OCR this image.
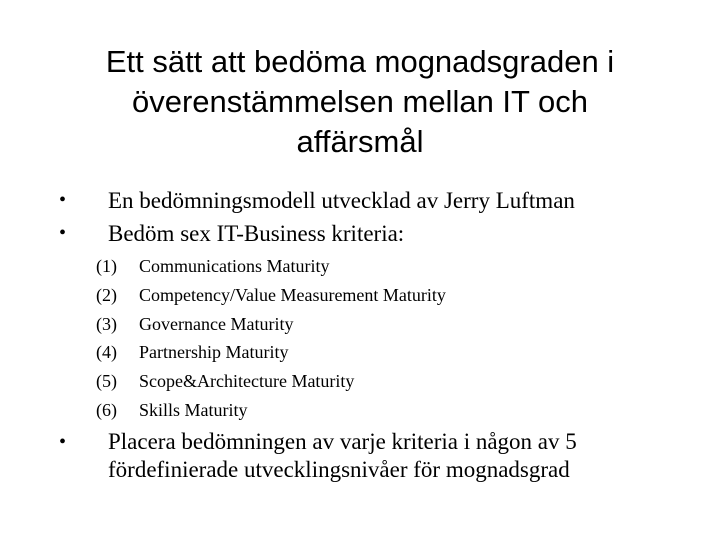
Ett sätt att bedöma mognadsgraden i
överenstämmelsen mellan IT och
affärsmål
•	En bedömningsmodell utvecklad av Jerry Luftman
•	Bedöm sex IT-Business kriteria:
•	Placera bedömningen av varje kriteria i någon av 5
fördefinierade utvecklingsnivåer för mognadsgrad
(1) Communications Maturity
(2) Competency/Value Measurement Maturity
(3) Governance Maturity
(4) Partnership Maturity
(5) Scope&Architecture Maturity
(6) Skills Maturity
